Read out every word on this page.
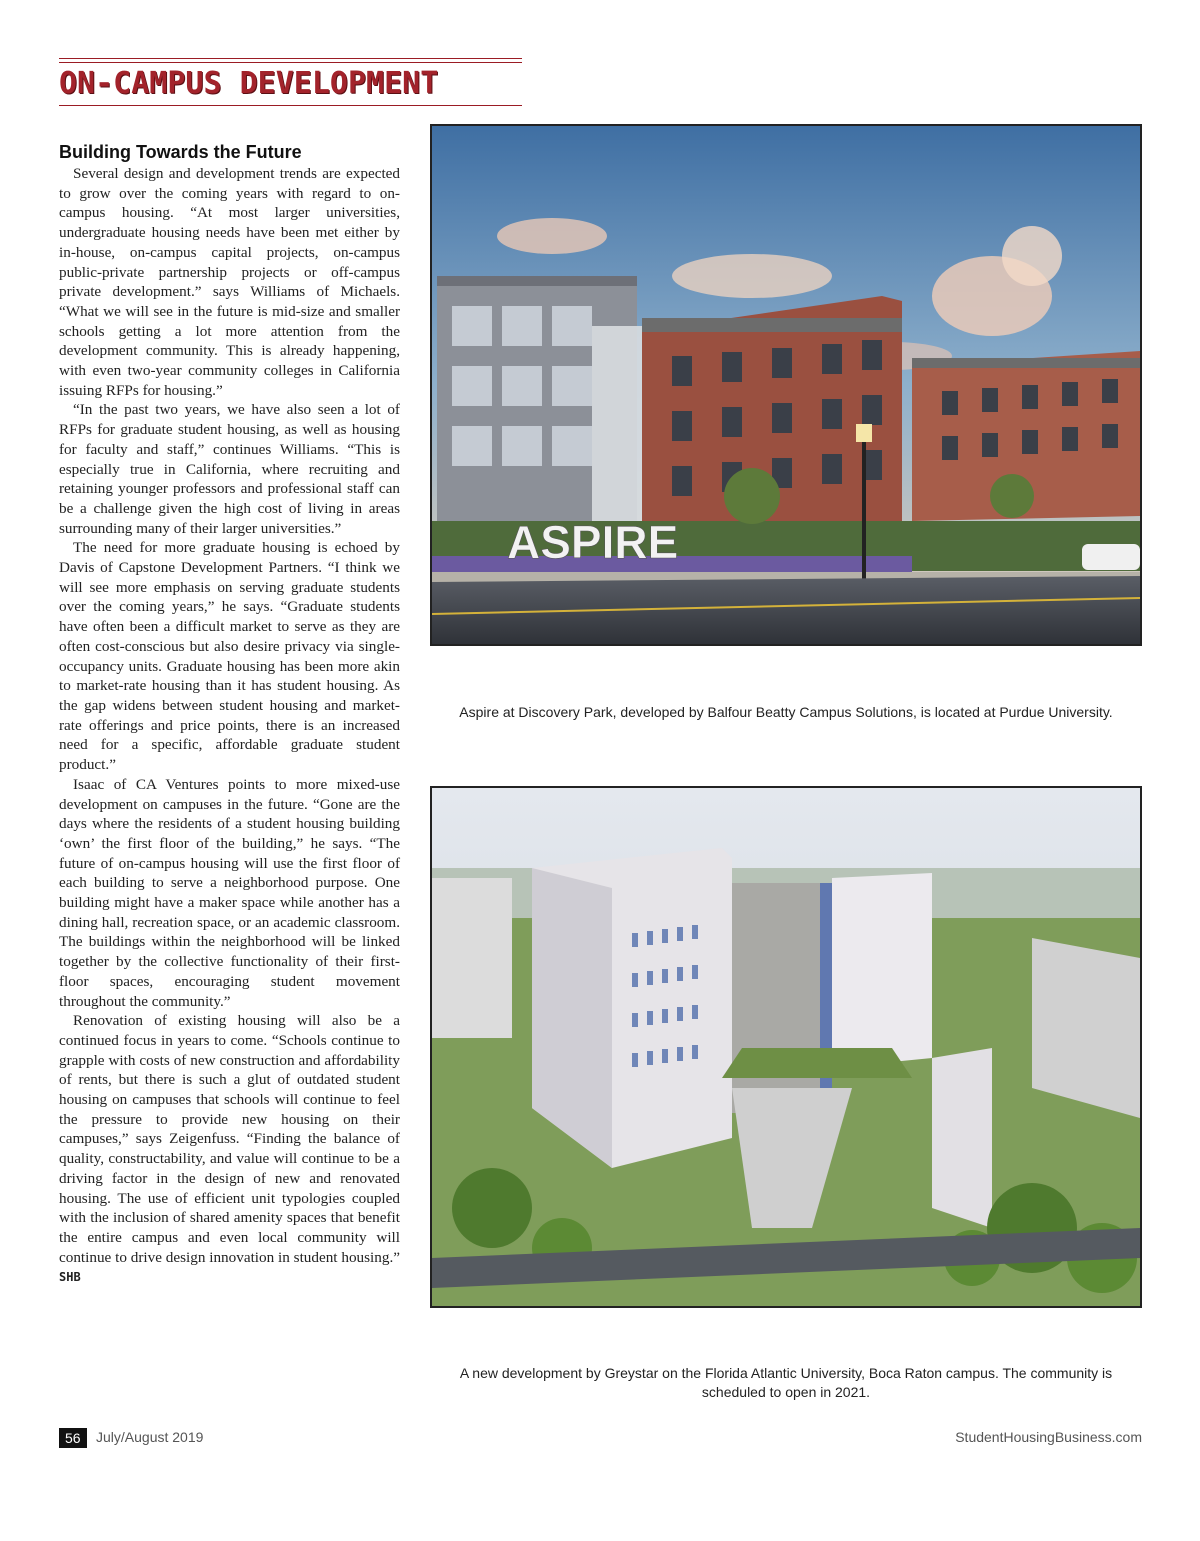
ON-CAMPUS DEVELOPMENT
Building Towards the Future

Several design and development trends are expected to grow over the coming years with regard to on-campus housing. “At most larger universities, undergraduate housing needs have been met either by in-house, on-campus capital projects, on-campus public-private partnership projects or off-campus private development.” says Williams of Michaels. “What we will see in the future is mid-size and smaller schools getting a lot more attention from the development community. This is already happening, with even two-year community colleges in California issuing RFPs for housing.”

“In the past two years, we have also seen a lot of RFPs for graduate student housing, as well as housing for faculty and staff,” continues Williams. “This is especially true in California, where recruiting and retaining younger professors and professional staff can be a challenge given the high cost of living in areas surrounding many of their larger universities.”

The need for more graduate housing is echoed by Davis of Capstone Development Partners. “I think we will see more emphasis on serving graduate students over the coming years,” he says. “Graduate students have often been a difficult market to serve as they are often cost-conscious but also desire privacy via single-occupancy units. Graduate housing has been more akin to market-rate housing than it has student housing. As the gap widens between student housing and market-rate offerings and price points, there is an increased need for a specific, affordable graduate student product.”

Isaac of CA Ventures points to more mixed-use development on campuses in the future. “Gone are the days where the residents of a student housing building ‘own’ the first floor of the building,” he says. “The future of on-campus housing will use the first floor of each building to serve a neighborhood purpose. One building might have a maker space while another has a dining hall, recreation space, or an academic classroom. The buildings within the neighborhood will be linked together by the collective functionality of their first-floor spaces, encouraging student movement throughout the community.”

Renovation of existing housing will also be a continued focus in years to come. “Schools continue to grapple with costs of new construction and affordability of rents, but there is such a glut of outdated student housing on campuses that schools will continue to feel the pressure to provide new housing on their campuses,” says Zeigenfuss. “Finding the balance of quality, constructability, and value will continue to be a driving factor in the design of new and renovated housing. The use of efficient unit typologies coupled with the inclusion of shared amenity spaces that benefit the entire campus and even local community will continue to drive design innovation in student housing.” SHB

ASPIRE
Aspire at Discovery Park, developed by Balfour Beatty Campus Solutions, is located at Purdue University.
A new development by Greystar on the Florida Atlantic University, Boca Raton campus. The community is scheduled to open in 2021.
56	July/August 2019	StudentHousingBusiness.com
